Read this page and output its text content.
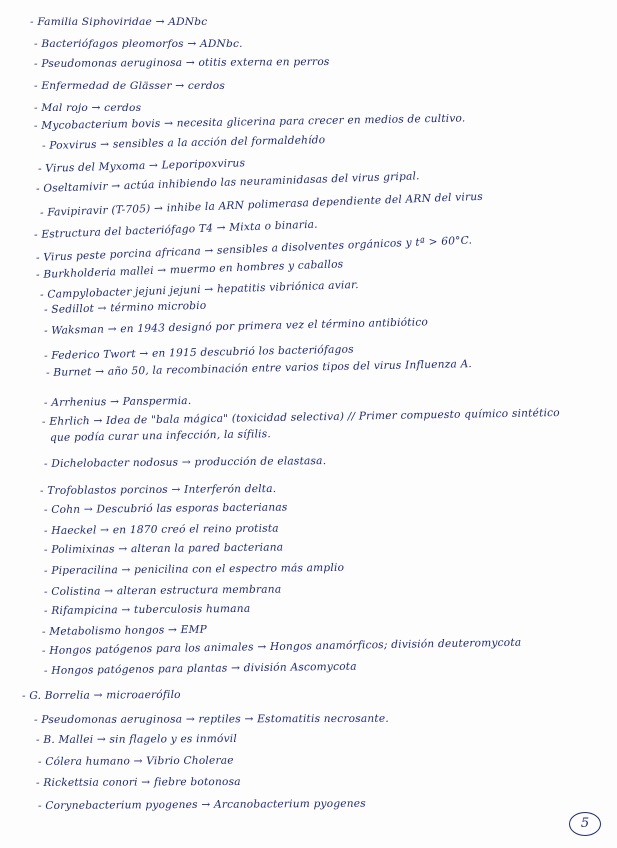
- Familia Siphoviridae → ADNbc
- Bacteriófagos pleomorfos → ADNbc.
- Pseudomonas aeruginosa → otitis externa en perros
- Enfermedad de Glässer → cerdos
- Mal rojo → cerdos
- Mycobacterium bovis → necesita glicerina para crecer en medios de cultivo.
- Poxvirus → sensibles a la acción del formaldehído
- Virus del Myxoma → Leporipoxvirus
- Oseltamivir → actúa inhibiendo las neuraminidasas del virus gripal.
- Favipiravir (T-705) → inhibe la ARN polimerasa dependiente del ARN del virus
- Estructura del bacteriófago T4 → Mixta o binaria.
- Virus peste porcina africana → sensibles a disolventes orgánicos y tª > 60°C.
- Burkholderia mallei → muermo en hombres y caballos
- Campylobacter jejuni jejuni → hepatitis vibriónica aviar.
- Sedillot → término microbio
- Waksman → en 1943 designó por primera vez el término antibiótico
- Federico Twort → en 1915 descubrió los bacteriófagos
- Burnet → año 50, la recombinación entre varios tipos del virus Influenza A.
- Arrhenius → Panspermia.
- Ehrlich → Idea de "bala mágica" (toxicidad selectiva) // Primer compuesto químico sintético
que podía curar una infección, la sífilis.
- Dichelobacter nodosus → producción de elastasa.
- Trofoblastos porcinos → Interferón delta.
- Cohn → Descubrió las esporas bacterianas
- Haeckel → en 1870 creó el reino protista
- Polimixinas → alteran la pared bacteriana
- Piperacilina → penicilina con el espectro más amplio
- Colistina → alteran estructura membrana
- Rifampicina → tuberculosis humana
- Metabolismo hongos → EMP
- Hongos patógenos para los animales → Hongos anamórficos; división deuteromycota
- Hongos patógenos para plantas → división Ascomycota
- G. Borrelia → microaerófilo
- Pseudomonas aeruginosa → reptiles → Estomatitis necrosante.
- B. Mallei → sin flagelo y es inmóvil
- Cólera humano → Vibrio Cholerae
- Rickettsia conori → fiebre botonosa
- Corynebacterium pyogenes → Arcanobacterium pyogenes
5
